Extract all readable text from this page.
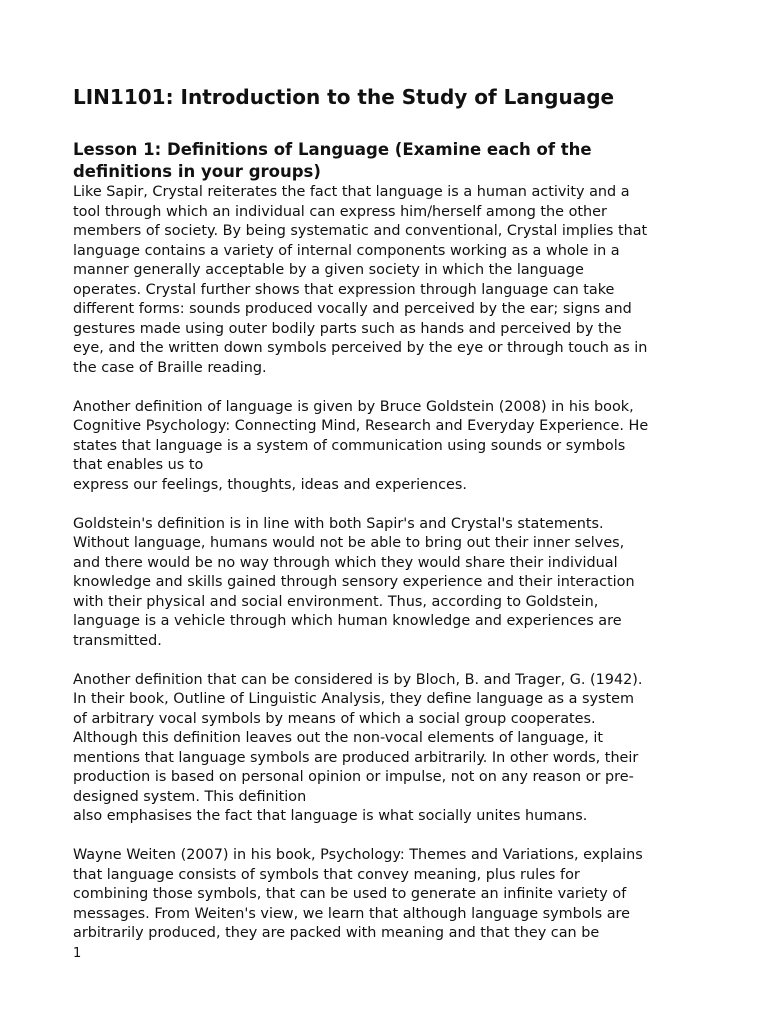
LIN1101: Introduction to the Study of Language
Lesson 1: Definitions of Language (Examine each of the
definitions in your groups)

Like Sapir, Crystal reiterates the fact that language is a human activity and a
tool through which an individual can express him/herself among the other
members of society. By being systematic and conventional, Crystal implies that
language contains a variety of internal components working as a whole in a
manner generally acceptable by a given society in which the language
operates. Crystal further shows that expression through language can take
different forms: sounds produced vocally and perceived by the ear; signs and
gestures made using outer bodily parts such as hands and perceived by the
eye, and the written down symbols perceived by the eye or through touch as in
the case of Braille reading.

Another definition of language is given by Bruce Goldstein (2008) in his book,
Cognitive Psychology: Connecting Mind, Research and Everyday Experience. He
states that language is a system of communication using sounds or symbols
that enables us to
express our feelings, thoughts, ideas and experiences.

Goldstein's definition is in line with both Sapir's and Crystal's statements.
Without language, humans would not be able to bring out their inner selves,
and there would be no way through which they would share their individual
knowledge and skills gained through sensory experience and their interaction
with their physical and social environment. Thus, according to Goldstein,
language is a vehicle through which human knowledge and experiences are
transmitted.

Another definition that can be considered is by Bloch, B. and Trager, G. (1942).
In their book, Outline of Linguistic Analysis, they define language as a system
of arbitrary vocal symbols by means of which a social group cooperates.
Although this definition leaves out the non-vocal elements of language, it
mentions that language symbols are produced arbitrarily. In other words, their
production is based on personal opinion or impulse, not on any reason or pre-
designed system. This definition
also emphasises the fact that language is what socially unites humans.

Wayne Weiten (2007) in his book, Psychology: Themes and Variations, explains
that language consists of symbols that convey meaning, plus rules for
combining those symbols, that can be used to generate an infinite variety of
messages. From Weiten's view, we learn that although language symbols are
arbitrarily produced, they are packed with meaning and that they can be

1
